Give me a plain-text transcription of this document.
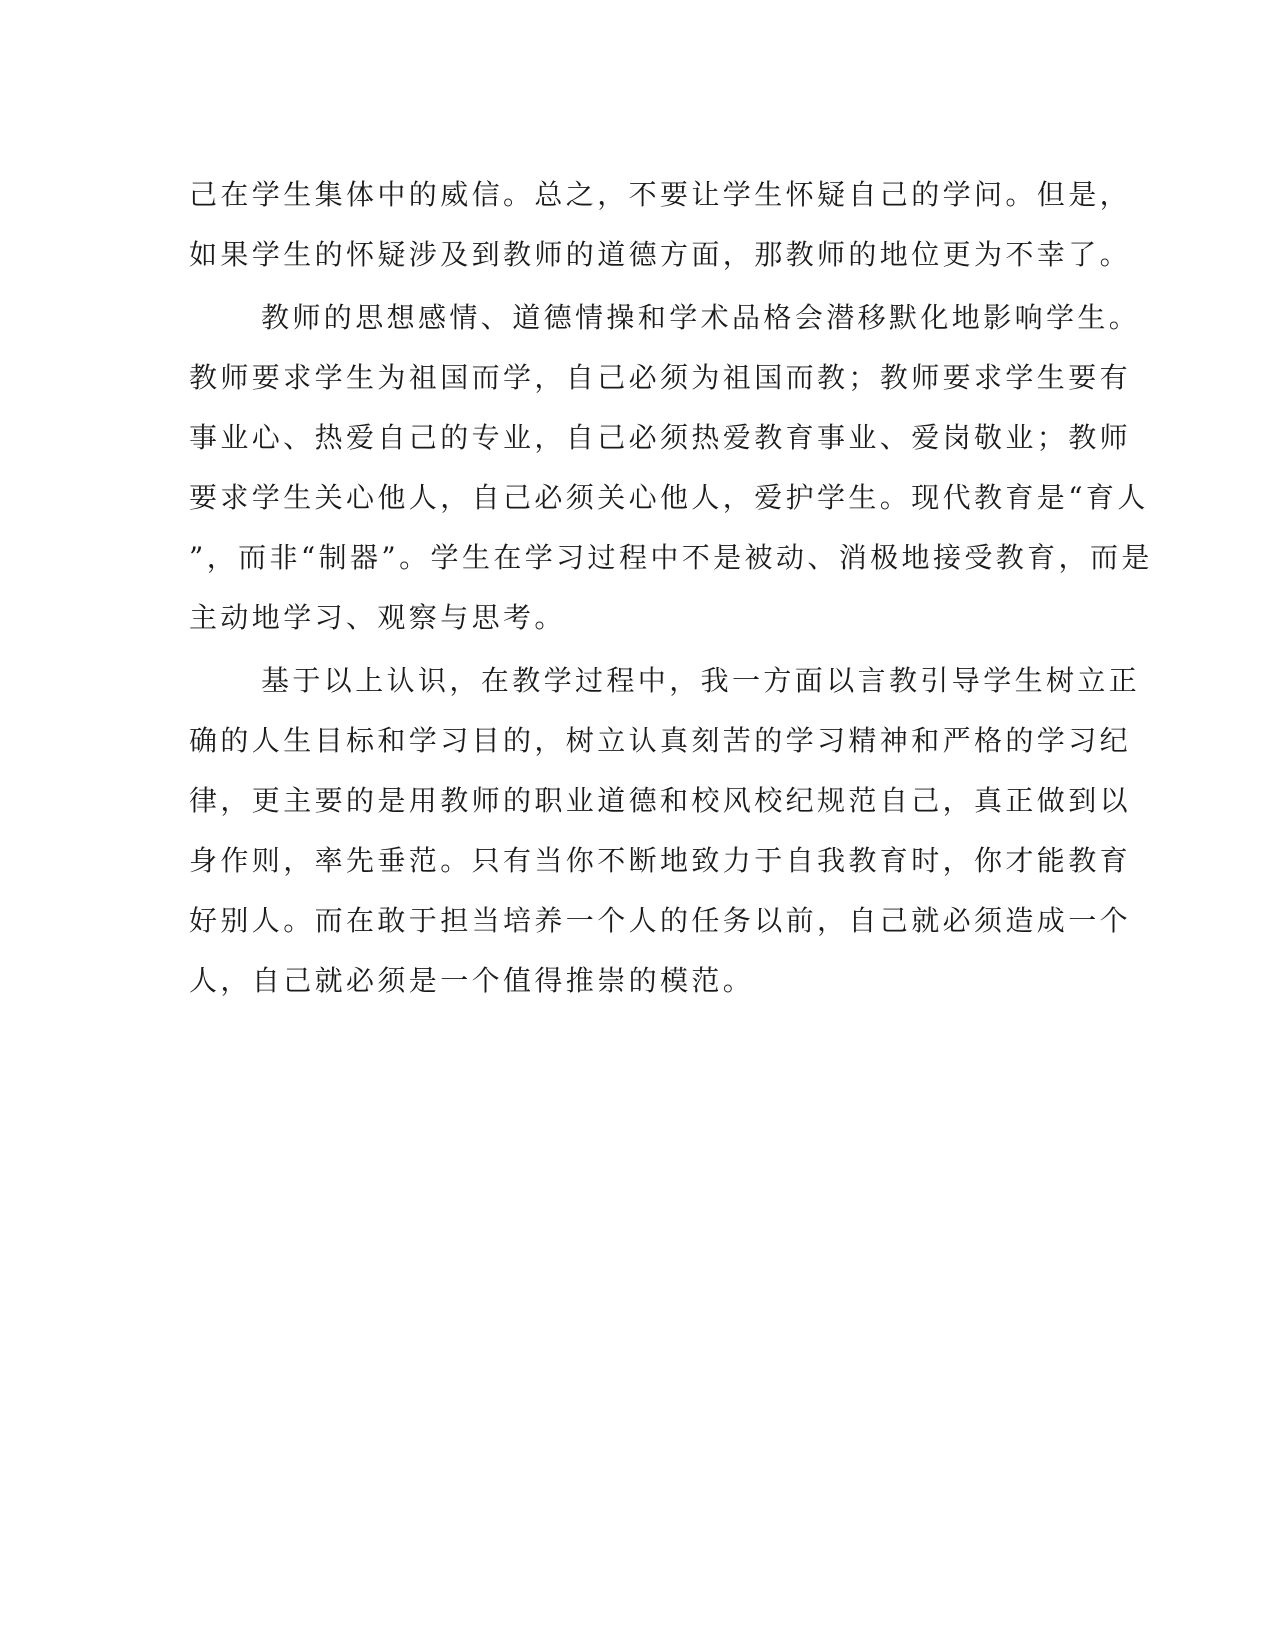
己在学生集体中的威信。总之，不要让学生怀疑自己的学问。但是，
如果学生的怀疑涉及到教师的道德方面，那教师的地位更为不幸了。
教师的思想感情、道德情操和学术品格会潜移默化地影响学生。
教师要求学生为祖国而学，自己必须为祖国而教；教师要求学生要有
事业心、热爱自己的专业，自己必须热爱教育事业、爱岗敬业；教师
要求学生关心他人，自己必须关心他人，爱护学生。现代教育是“育人
”，而非“制器”。学生在学习过程中不是被动、消极地接受教育，而是
主动地学习、观察与思考。
基于以上认识，在教学过程中，我一方面以言教引导学生树立正
确的人生目标和学习目的，树立认真刻苦的学习精神和严格的学习纪
律，更主要的是用教师的职业道德和校风校纪规范自己，真正做到以
身作则，率先垂范。只有当你不断地致力于自我教育时，你才能教育
好别人。而在敢于担当培养一个人的任务以前，自己就必须造成一个
人，自己就必须是一个值得推崇的模范。
